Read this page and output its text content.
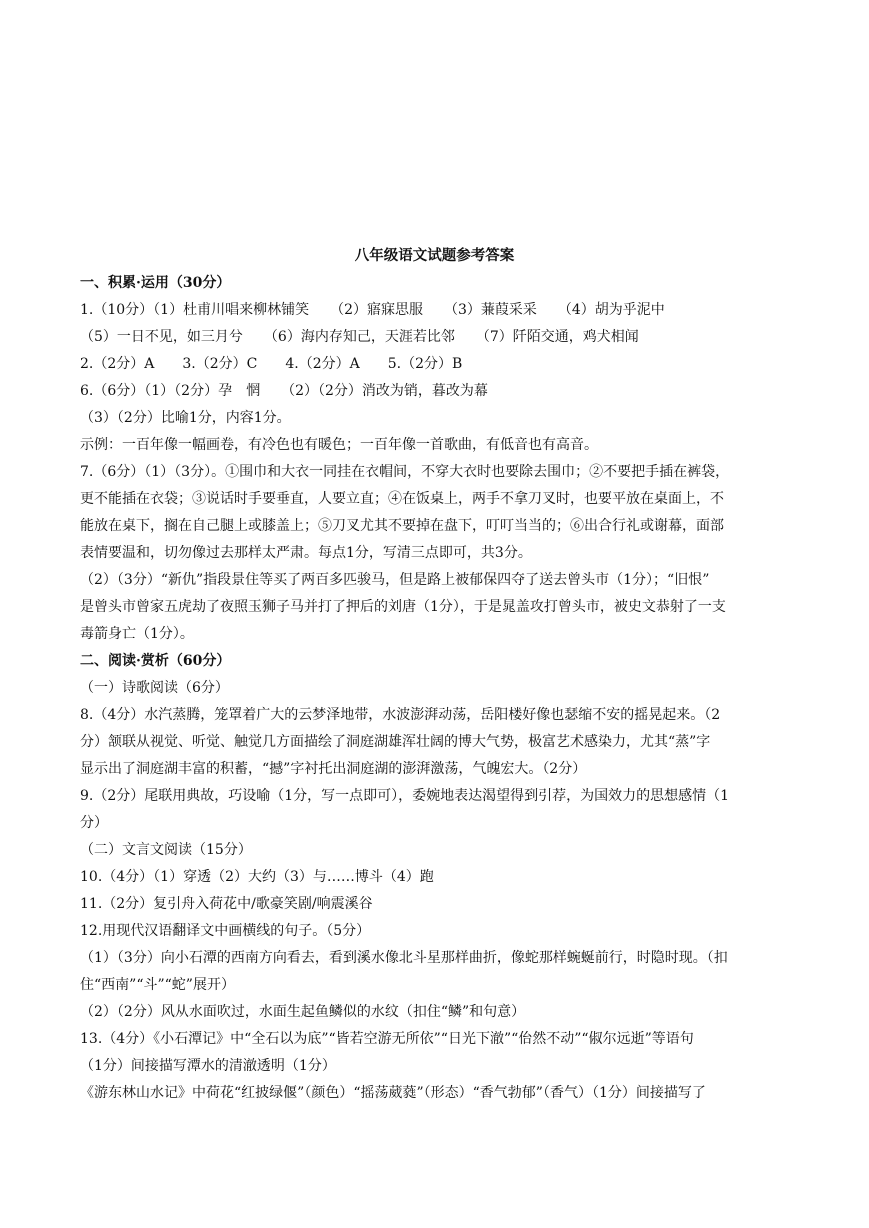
八年级语文试题参考答案
一、积累·运用（30分）
1.（10分）（1）杜甫川唱来柳林铺笑　　（2）寤寐思服　　（3）蒹葭采采　　（4）胡为乎泥中
（5）一日不见，如三月兮　　（6）海内存知己，天涯若比邻　　（7）阡陌交通，鸡犬相闻
2.（2分）A　　3.（2分）C　　4.（2分）A　　5.（2分）B
6.（6分）（1）（2分）孕　惘　　（2）（2分）消改为销，暮改为幕
（3）（2分）比喻1分，内容1分。
示例：一百年像一幅画卷，有冷色也有暖色；一百年像一首歌曲，有低音也有高音。
7.（6分）（1）（3分）。①围巾和大衣一同挂在衣帽间，不穿大衣时也要除去围巾；②不要把手插在裤袋，
更不能插在衣袋；③说话时手要垂直，人要立直；④在饭桌上，两手不拿刀叉时，也要平放在桌面上，不
能放在桌下，搁在自己腿上或膝盖上；⑤刀叉尤其不要掉在盘下，叮叮当当的；⑥出合行礼或谢幕，面部
表情要温和，切勿像过去那样太严肃。每点1分，写清三点即可，共3分。
（2）（3分）“新仇”指段景住等买了两百多匹骏马，但是路上被郁保四夺了送去曾头市（1分）；“旧恨”
是曾头市曾家五虎劫了夜照玉狮子马并打了押后的刘唐（1分），于是晁盖攻打曾头市，被史文恭射了一支
毒箭身亡（1分）。
二、阅读·赏析（60分）
（一）诗歌阅读（6分）
8.（4分）水汽蒸腾，笼罩着广大的云梦泽地带，水波澎湃动荡，岳阳楼好像也瑟缩不安的摇晃起来。（2
分）颔联从视觉、听觉、触觉几方面描绘了洞庭湖雄浑壮阔的博大气势，极富艺术感染力，尤其“蒸”字
显示出了洞庭湖丰富的积蓄，“撼”字衬托出洞庭湖的澎湃激荡，气魄宏大。（2分）
9.（2分）尾联用典故，巧设喻（1分，写一点即可），委婉地表达渴望得到引荐，为国效力的思想感情（1
分）
（二）文言文阅读（15分）
10.（4分）（1）穿透（2）大约（3）与……博斗（4）跑
11.（2分）复引舟入荷花中/歌豪笑剧/响震溪谷
12.用现代汉语翻译文中画横线的句子。（5分）
（1）（3分）向小石潭的西南方向看去，看到溪水像北斗星那样曲折，像蛇那样蜿蜒前行，时隐时现。（扣
住“西南”“斗”“蛇”展开）
（2）（2分）风从水面吹过，水面生起鱼鳞似的水纹（扣住“鳞”和句意）
13.（4分）《小石潭记》中“全石以为底”“皆若空游无所依”“日光下澈”“佁然不动”“俶尔远逝”等语句
（1分）间接描写潭水的清澈透明（1分）
《游东林山水记》中荷花“红披绿偃”（颜色）“摇荡葳蕤”（形态）“香气勃郁”（香气）（1分）间接描写了
